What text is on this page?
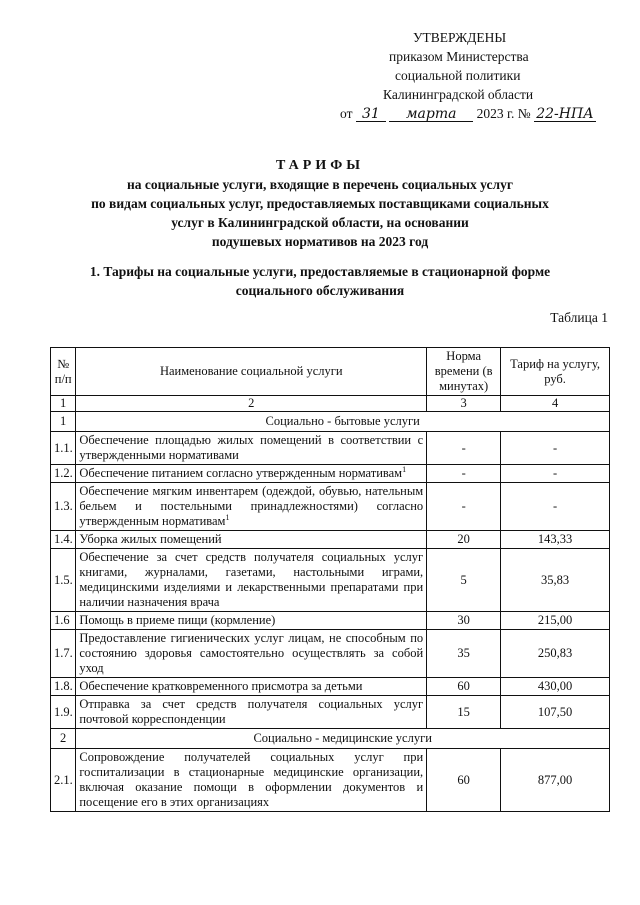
УТВЕРЖДЕНЫ
приказом Министерства
социальной политики
Калининградской области
от 31 марта 2023 г. № 22-НПА
ТАРИФЫ
на социальные услуги, входящие в перечень социальных услуг
по видам социальных услуг, предоставляемых поставщиками социальных
услуг в Калининградской области, на основании
подушевых нормативов на 2023 год
1. Тарифы на социальные услуги, предоставляемые в стационарной форме
социального обслуживания
Таблица 1
№ п/п	Наименование социальной услуги	Норма времени (в минутах)	Тариф на услугу, руб.
1	2	3	4
1	Социально - бытовые услуги		
1.1.	Обеспечение площадью жилых помещений в соответствии с утвержденными нормативами	-	-
1.2.	Обеспечение питанием согласно утвержденным нормативам$^1$	-	-
1.3.	Обеспечение мягким инвентарем (одеждой, обувью, нательным бельем и постельными принадлежностями) согласно утвержденным нормативам$^1$	-	-
1.4.	Уборка жилых помещений	20	143,33
1.5.	Обеспечение за счет средств получателя социальных услуг книгами, журналами, газетами, настольными играми, медицинскими изделиями и лекарственными препаратами при наличии назначения врача	5	35,83
1.6	Помощь в приеме пищи (кормление)	30	215,00
1.7.	Предоставление гигиенических услуг лицам, не способным по состоянию здоровья самостоятельно осуществлять за собой уход	35	250,83
1.8.	Обеспечение кратковременного присмотра за детьми	60	430,00
1.9.	Отправка за счет средств получателя социальных услуг почтовой корреспонденции	15	107,50
2	Социально - медицинские услуги		
2.1.	Сопровождение получателей социальных услуг при госпитализации в стационарные медицинские организации, включая оказание помощи в оформлении документов и посещение его в этих организациях	60	877,00
